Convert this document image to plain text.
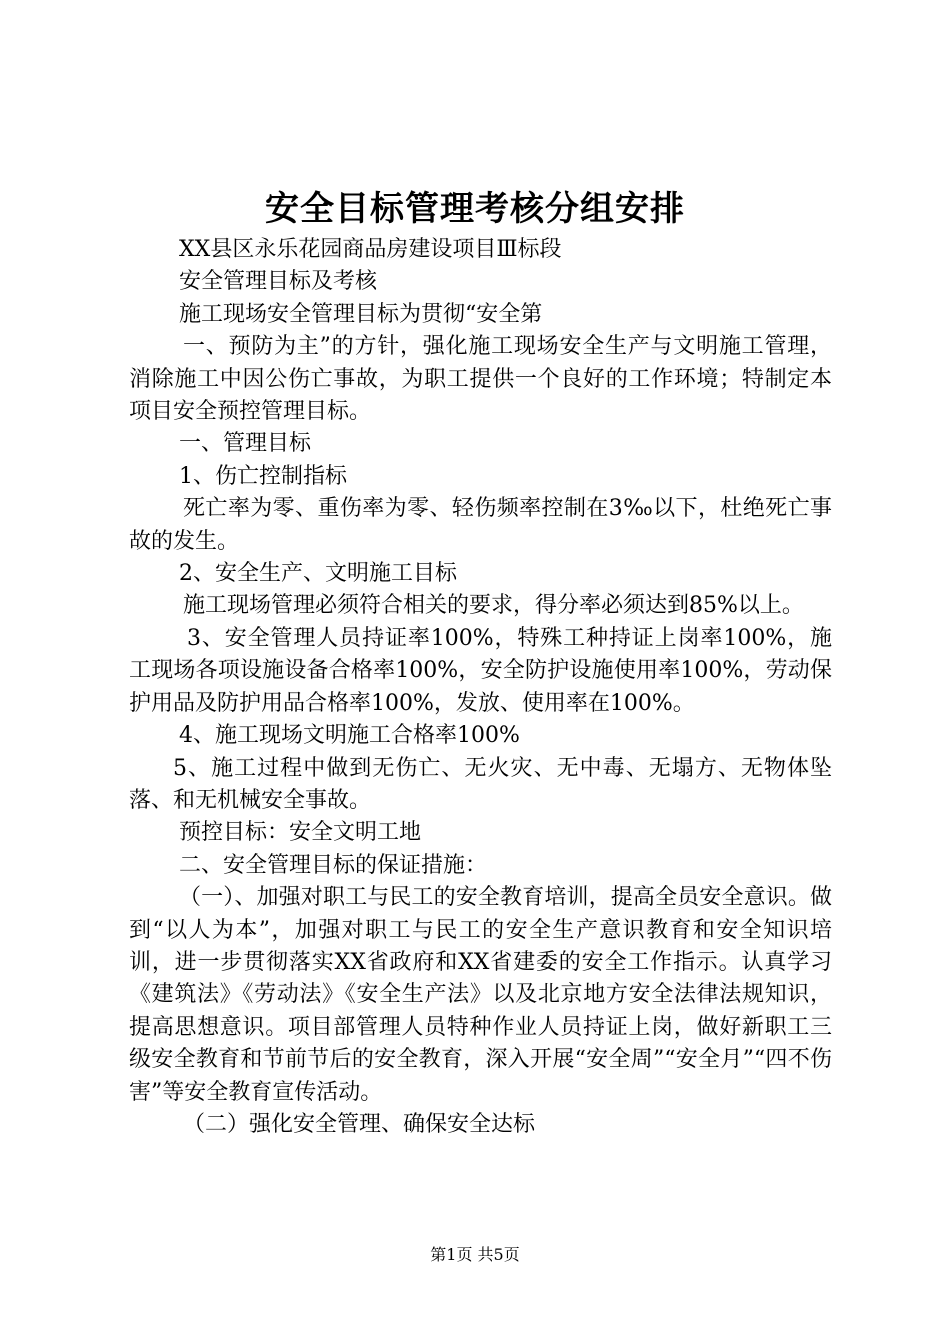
安全目标管理考核分组安排

XX县区永乐花园商品房建设项目Ⅲ标段

安全管理目标及考核

施工现场安全管理目标为贯彻“安全第

一、预防为主”的方针，强化施工现场安全生产与文明施工管理，消除施工中因公伤亡事故，为职工提供一个良好的工作环境；特制定本项目安全预控管理目标。

一、管理目标

1、伤亡控制指标

死亡率为零、重伤率为零、轻伤频率控制在3‰以下，杜绝死亡事故的发生。

2、安全生产、文明施工目标

施工现场管理必须符合相关的要求，得分率必须达到85%以上。

3、安全管理人员持证率100%，特殊工种持证上岗率100%，施工现场各项设施设备合格率100%，安全防护设施使用率100%，劳动保护用品及防护用品合格率100%，发放、使用率在100%。

4、施工现场文明施工合格率100%

5、施工过程中做到无伤亡、无火灾、无中毒、无塌方、无物体坠落、和无机械安全事故。

预控目标：安全文明工地

二、安全管理目标的保证措施：

（一）、加强对职工与民工的安全教育培训，提高全员安全意识。做到“以人为本”，加强对职工与民工的安全生产意识教育和安全知识培训，进一步贯彻落实XX省政府和XX省建委的安全工作指示。认真学习《建筑法》《劳动法》《安全生产法》以及北京地方安全法律法规知识，提高思想意识。项目部管理人员特种作业人员持证上岗，做好新职工三级安全教育和节前节后的安全教育，深入开展“安全周”“安全月”“四不伤害”等安全教育宣传活动。

（二）强化安全管理、确保安全达标

第1页 共5页
